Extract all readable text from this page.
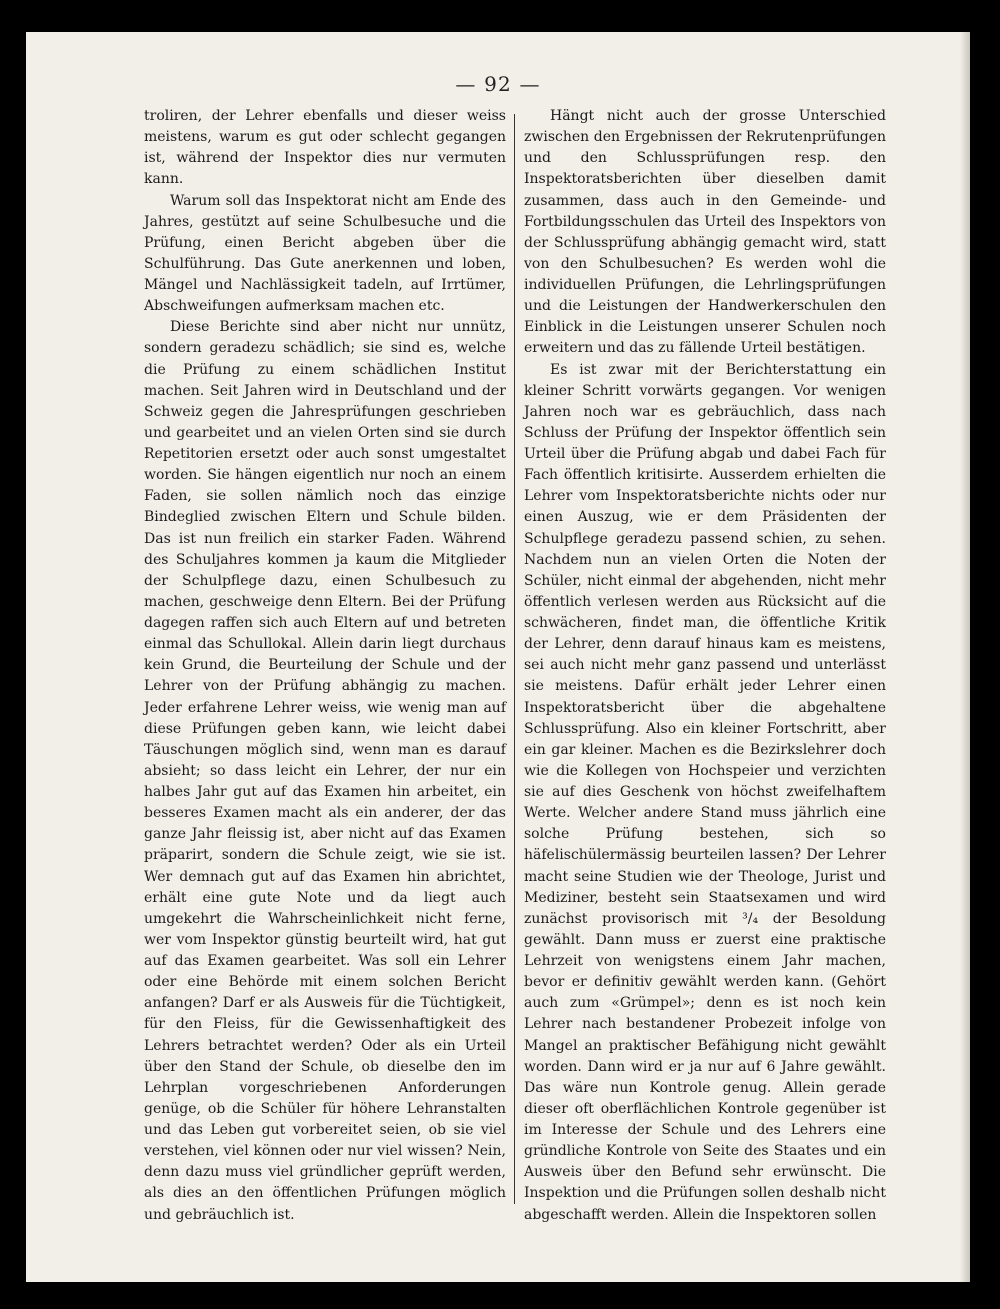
— 92 —

troliren, der Lehrer ebenfalls und dieser weiss meistens, warum es gut oder schlecht gegangen ist, während der Inspektor dies nur vermuten kann.

Warum soll das Inspektorat nicht am Ende des Jahres, gestützt auf seine Schulbesuche und die Prüfung, einen Bericht abgeben über die Schulführung. Das Gute anerkennen und loben, Mängel und Nachlässigkeit tadeln, auf Irrtümer, Abschweifungen aufmerksam machen etc.

Diese Berichte sind aber nicht nur unnütz, sondern geradezu schädlich; sie sind es, welche die Prüfung zu einem schädlichen Institut machen. Seit Jahren wird in Deutschland und der Schweiz gegen die Jahresprüfungen geschrieben und gearbeitet und an vielen Orten sind sie durch Repetitorien ersetzt oder auch sonst umgestaltet worden. Sie hängen eigentlich nur noch an einem Faden, sie sollen nämlich noch das einzige Bindeglied zwischen Eltern und Schule bilden. Das ist nun freilich ein starker Faden. Während des Schuljahres kommen ja kaum die Mitglieder der Schulpflege dazu, einen Schulbesuch zu machen, geschweige denn Eltern. Bei der Prüfung dagegen raffen sich auch Eltern auf und betreten einmal das Schullokal. Allein darin liegt durchaus kein Grund, die Beurteilung der Schule und der Lehrer von der Prüfung abhängig zu machen. Jeder erfahrene Lehrer weiss, wie wenig man auf diese Prüfungen geben kann, wie leicht dabei Täuschungen möglich sind, wenn man es darauf absieht; so dass leicht ein Lehrer, der nur ein halbes Jahr gut auf das Examen hin arbeitet, ein besseres Examen macht als ein anderer, der das ganze Jahr fleissig ist, aber nicht auf das Examen präparirt, sondern die Schule zeigt, wie sie ist. Wer demnach gut auf das Examen hin abrichtet, erhält eine gute Note und da liegt auch umgekehrt die Wahrscheinlichkeit nicht ferne, wer vom Inspektor günstig beurteilt wird, hat gut auf das Examen gearbeitet. Was soll ein Lehrer oder eine Behörde mit einem solchen Bericht anfangen? Darf er als Ausweis für die Tüchtigkeit, für den Fleiss, für die Gewissenhaftigkeit des Lehrers betrachtet werden? Oder als ein Urteil über den Stand der Schule, ob dieselbe den im Lehrplan vorgeschriebenen Anforderungen genüge, ob die Schüler für höhere Lehranstalten und das Leben gut vorbereitet seien, ob sie viel verstehen, viel können oder nur viel wissen? Nein, denn dazu muss viel gründlicher geprüft werden, als dies an den öffentlichen Prüfungen möglich und gebräuchlich ist.

Hängt nicht auch der grosse Unterschied zwischen den Ergebnissen der Rekrutenprüfungen und den Schlussprüfungen resp. den Inspektoratsberichten über dieselben damit zusammen, dass auch in den Gemeinde- und Fortbildungsschulen das Urteil des Inspektors von der Schlussprüfung abhängig gemacht wird, statt von den Schulbesuchen? Es werden wohl die individuellen Prüfungen, die Lehrlingsprüfungen und die Leistungen der Handwerkerschulen den Einblick in die Leistungen unserer Schulen noch erweitern und das zu fällende Urteil bestätigen.

Es ist zwar mit der Berichterstattung ein kleiner Schritt vorwärts gegangen. Vor wenigen Jahren noch war es gebräuchlich, dass nach Schluss der Prüfung der Inspektor öffentlich sein Urteil über die Prüfung abgab und dabei Fach für Fach öffentlich kritisirte. Ausserdem erhielten die Lehrer vom Inspektoratsberichte nichts oder nur einen Auszug, wie er dem Präsidenten der Schulpflege geradezu passend schien, zu sehen. Nachdem nun an vielen Orten die Noten der Schüler, nicht einmal der abgehenden, nicht mehr öffentlich verlesen werden aus Rücksicht auf die schwächeren, findet man, die öffentliche Kritik der Lehrer, denn darauf hinaus kam es meistens, sei auch nicht mehr ganz passend und unterlässt sie meistens. Dafür erhält jeder Lehrer einen Inspektoratsbericht über die abgehaltene Schlussprüfung. Also ein kleiner Fortschritt, aber ein gar kleiner. Machen es die Bezirkslehrer doch wie die Kollegen von Hochspeier und verzichten sie auf dies Geschenk von höchst zweifelhaftem Werte. Welcher andere Stand muss jährlich eine solche Prüfung bestehen, sich so häfelischülermässig beurteilen lassen? Der Lehrer macht seine Studien wie der Theologe, Jurist und Mediziner, besteht sein Staatsexamen und wird zunächst provisorisch mit ³/₄ der Besoldung gewählt. Dann muss er zuerst eine praktische Lehrzeit von wenigstens einem Jahr machen, bevor er definitiv gewählt werden kann. (Gehört auch zum «Grümpel»; denn es ist noch kein Lehrer nach bestandener Probezeit infolge von Mangel an praktischer Befähigung nicht gewählt worden. Dann wird er ja nur auf 6 Jahre gewählt. Das wäre nun Kontrole genug. Allein gerade dieser oft oberflächlichen Kontrole gegenüber ist im Interesse der Schule und des Lehrers eine gründliche Kontrole von Seite des Staates und ein Ausweis über den Befund sehr erwünscht. Die Inspektion und die Prüfungen sollen deshalb nicht abgeschafft werden. Allein die Inspektoren sollen
